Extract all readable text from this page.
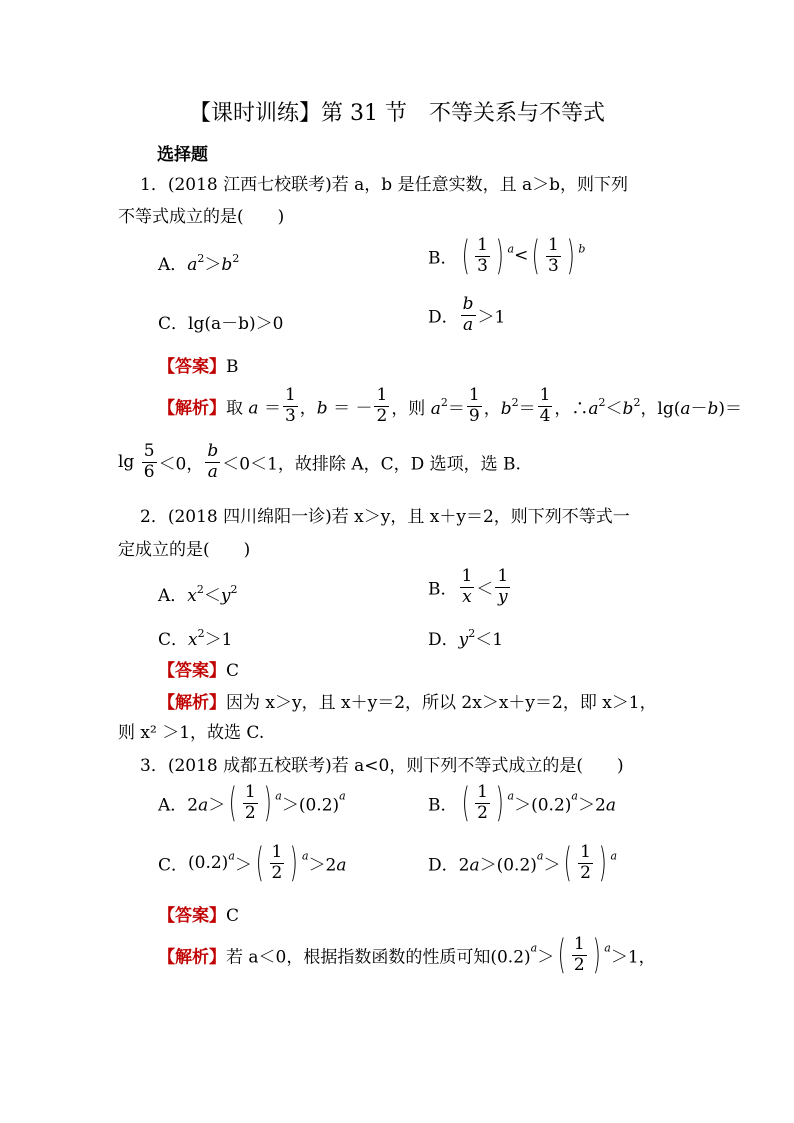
【课时训练】第 31 节　不等关系与不等式
选择题
1．(2018 江西七校联考)若 a，b 是任意实数，且 a＞b，则下列
不等式成立的是(　　)
A．$a^2>b^2$	B．( $\frac{1}{3}$ ) $^a<( \frac{1}{3}$ ) $^b$
C．lg(a－b)＞0	D． $\frac{b}{a} >1$
【答案】B
【解析】取 $a = \frac{1}{3}$ ，b ＝ － $\frac{1}{2}$ ，则 $a^2= \frac{1}{9}$ ，$b^2= \frac{1}{4}$ ，$\therefore a^2<b^2$，lg(a－b)＝
$\lg \frac{5}{6} <0$， $\frac{b}{a} <0<1$，故排除 A，C，D 选项，选 B.
2．(2018 四川绵阳一诊)若 x＞y，且 x＋y＝2，则下列不等式一
定成立的是(　　)
A．$x^2<y^2$	B． $\frac{1}{x} < \frac{1}{y}$
C．$x^2>1$	D．$y^2<1$
【答案】C
【解析】因为 x＞y，且 x＋y＝2，所以 2x＞x＋y＝2，即 x＞1，
则 x² ＞1，故选 C.
3．(2018 成都五校联考)若 a<0，则下列不等式成立的是(　　)
A．$2a>( \frac{1}{2}$ ) $^a>(0.2)^a$	B．( $\frac{1}{2}$ ) $^a>(0.2)^a>2a$
C．$(0.2)^a>( \frac{1}{2}$ ) $^a$＞2a	D．$2a>(0.2)^a>( \frac{1}{2}$ ) $^a$
【答案】C
【解析】若 a＜0，根据指数函数的性质可知$(0.2)^a>( \frac{1}{2}$ ) $^a$＞1，
